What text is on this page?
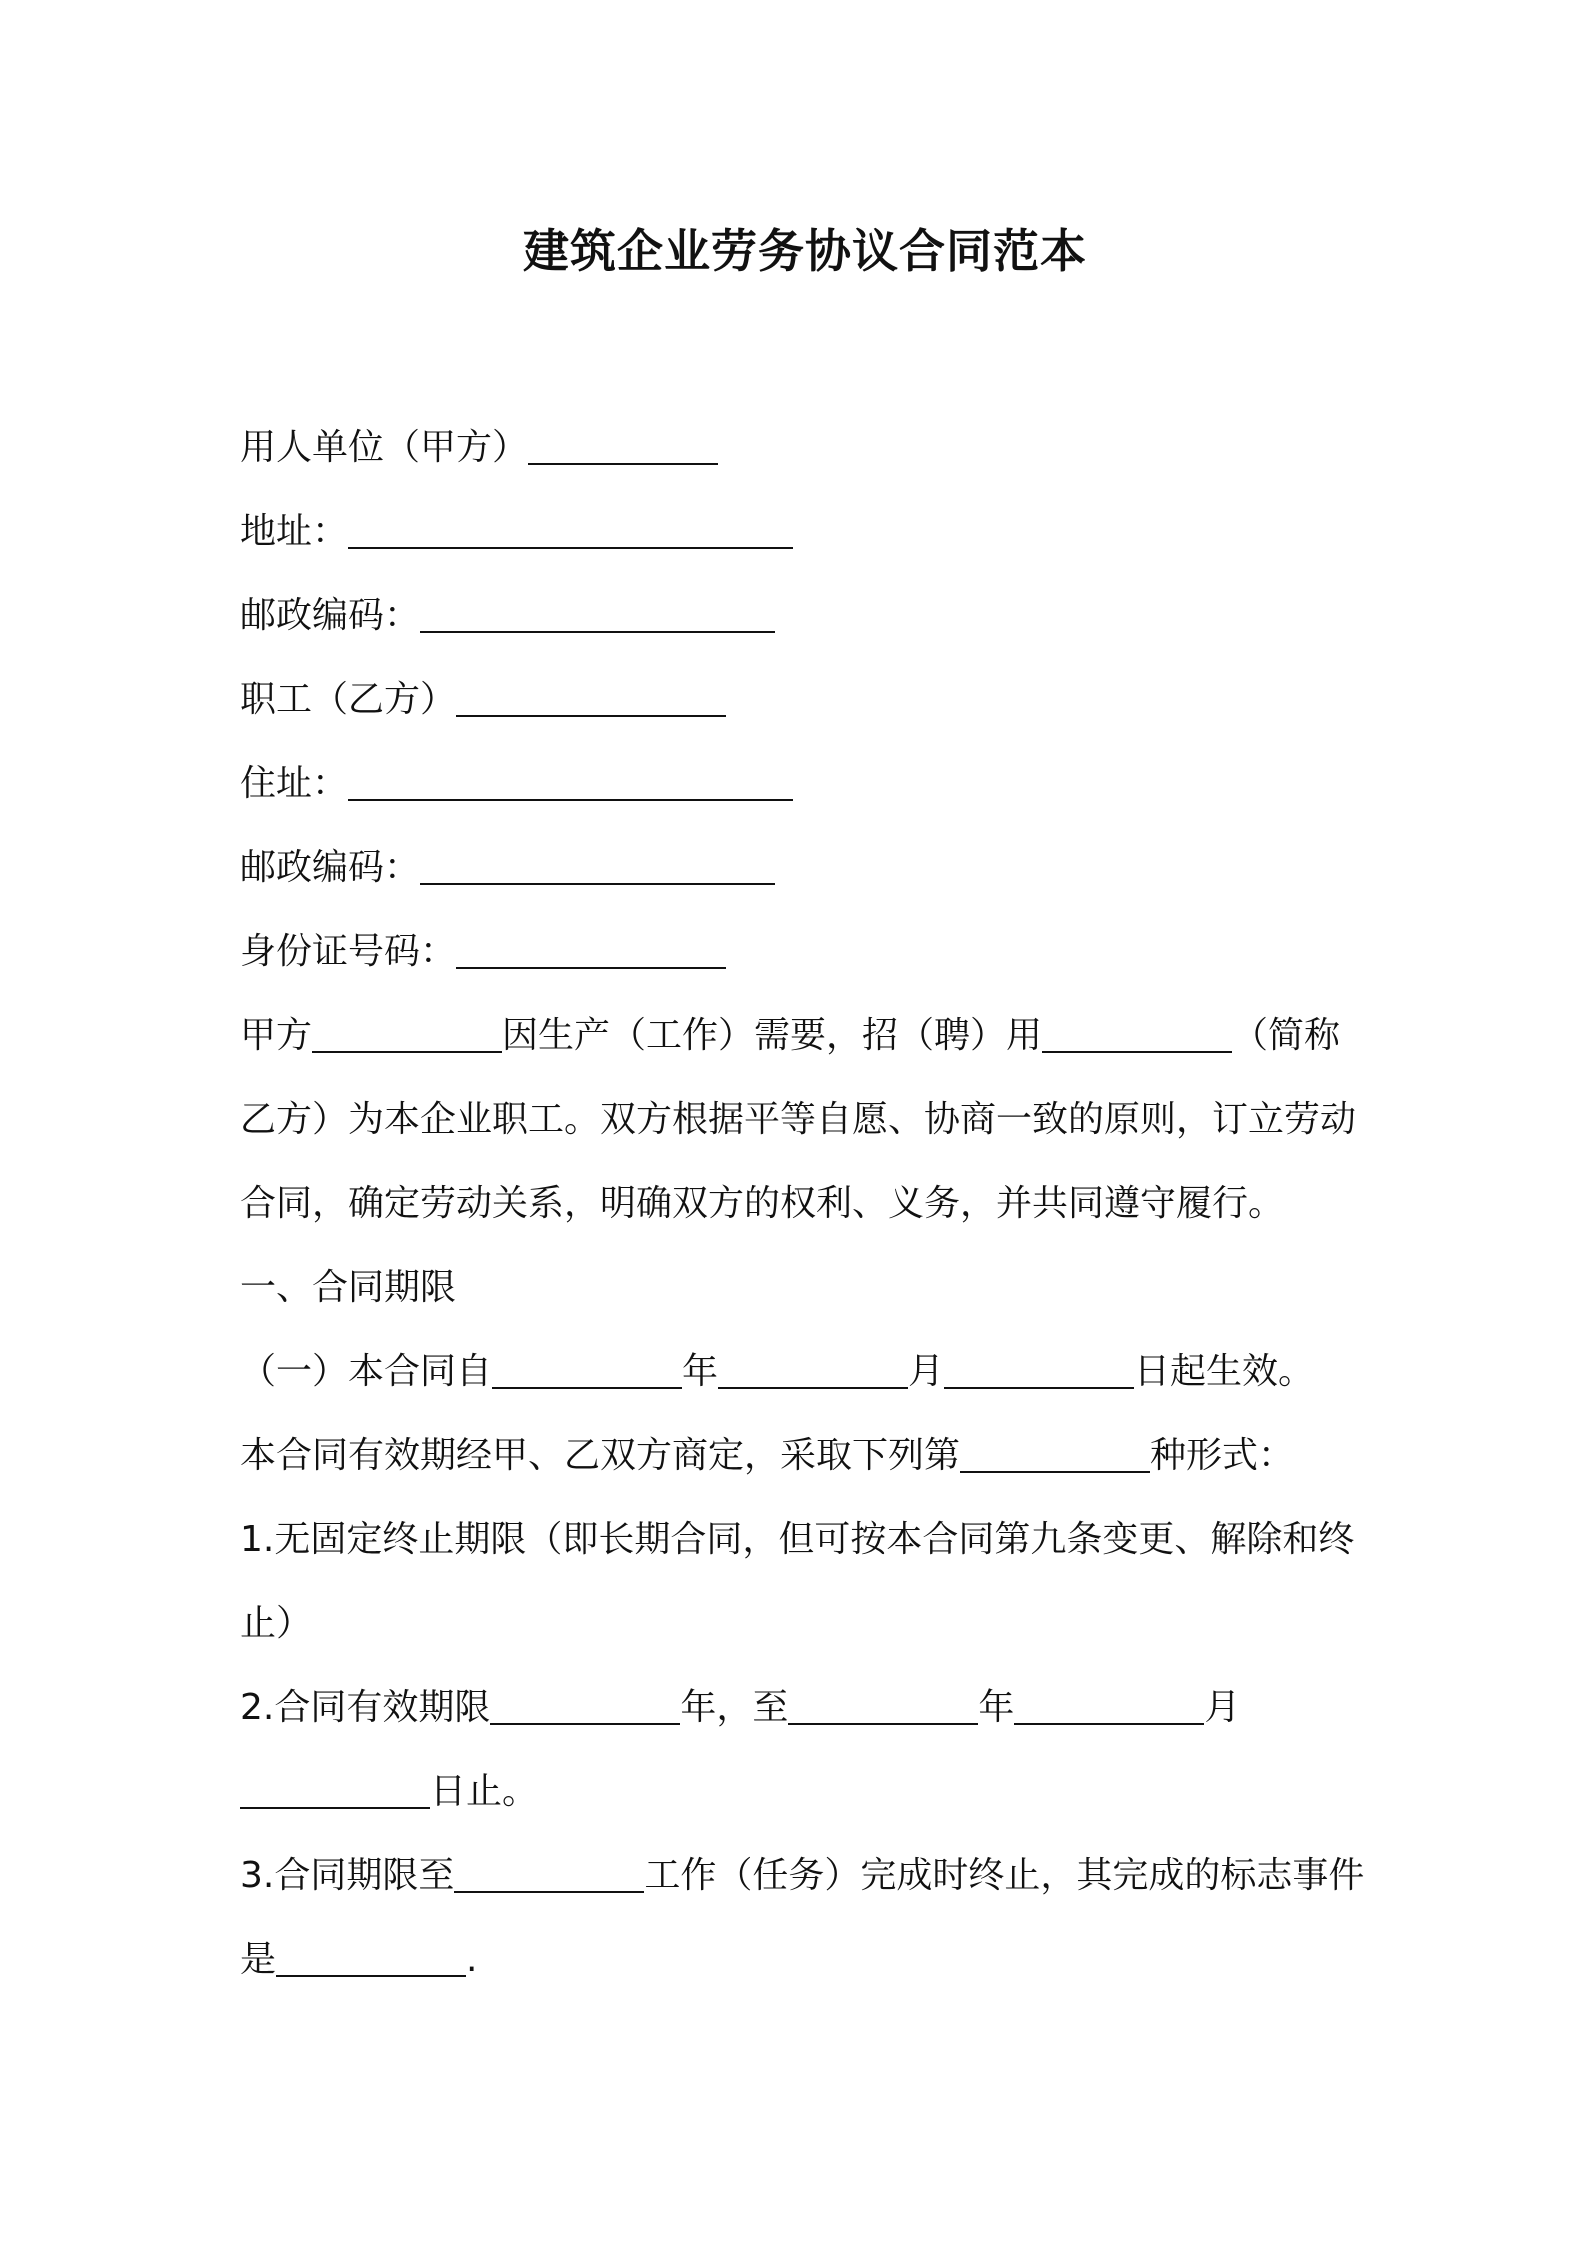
建筑企业劳务协议合同范本

用人单位（甲方）

地址：

邮政编码：

职工（乙方）

住址：

邮政编码：

身份证号码：

甲方	因生产（工作）需要，招（聘）用	（简称乙方）为本企业职工。双方根据平等自愿、协商一致的原则，订立劳动合同，确定劳动关系，明确双方的权利、义务，并共同遵守履行。

一、合同期限

（一）本合同自	年	月	日起生效。

本合同有效期经甲、乙双方商定，采取下列第	种形式：

1.无固定终止期限（即长期合同，但可按本合同第九条变更、解除和终止）

2.合同有效期限	年，至	年	月
日止。

3.合同期限至	工作（任务）完成时终止，其完成的标志事件是	.
